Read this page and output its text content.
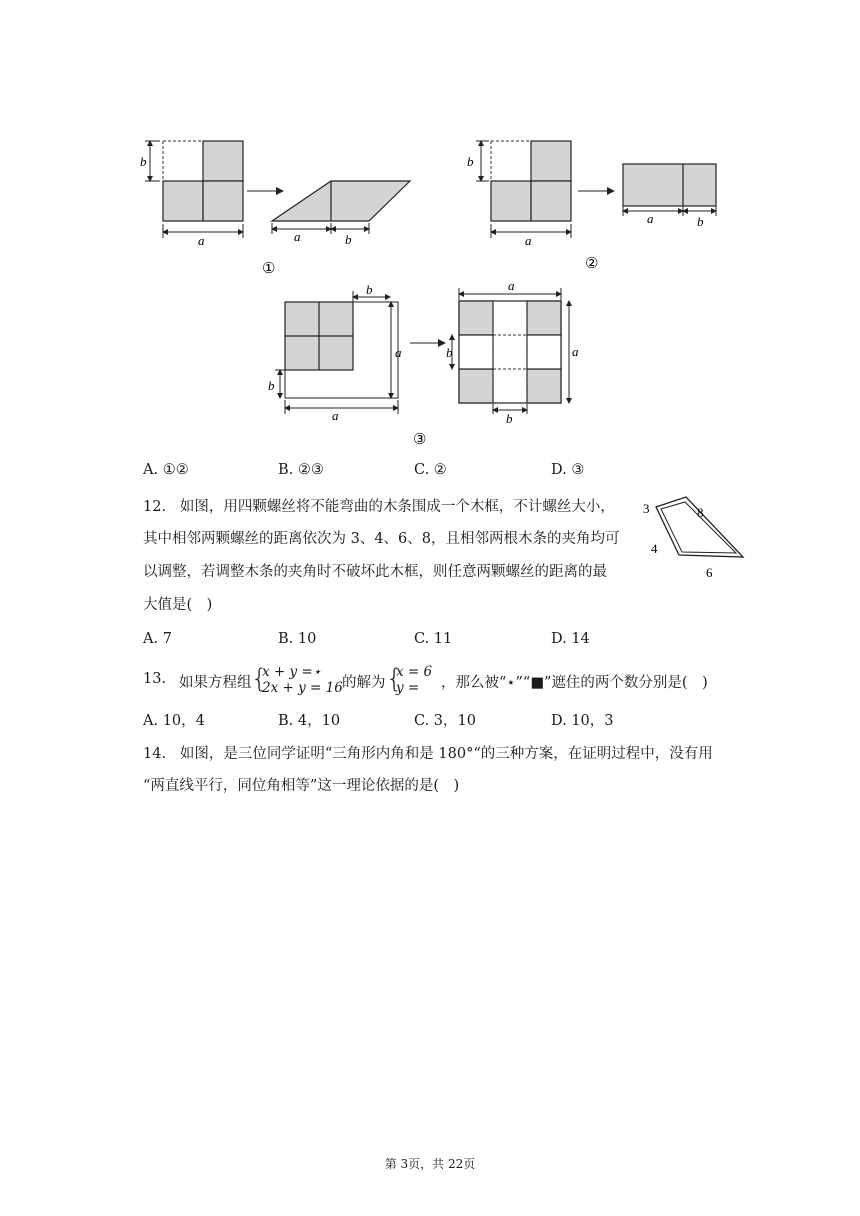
b
a	a	b
①
b
a
a	b
②
b
a
b
a
a
a
b
b
③
A. ①②	B. ②③	C. ②	D. ③
12. 如图，用四颗螺丝将不能弯曲的木条围成一个木框，不计螺丝大小，
其中相邻两颗螺丝的距离依次为 3、4、6、8，且相邻两根木条的夹角均可
以调整，若调整木条的夹角时不破坏此木框，则任意两颗螺丝的距离的最
大值是(　)
3	8
4
6
A. 7	B. 10	C. 11	D. 14
13. 如果方程组 {
x + y =⋆
2x + y = 16 的解为 {
x = 6
y = ，那么被“⋆”“■”遮住的两个数分别是(　)
A. 10，4	B. 4，10	C. 3，10	D. 10，3
14. 如图，是三位同学证明“三角形内角和是 180°“的三种方案，在证明过程中，没有用
“两直线平行，同位角相等”这一理论依据的是(　)
第 3页，共 22页
